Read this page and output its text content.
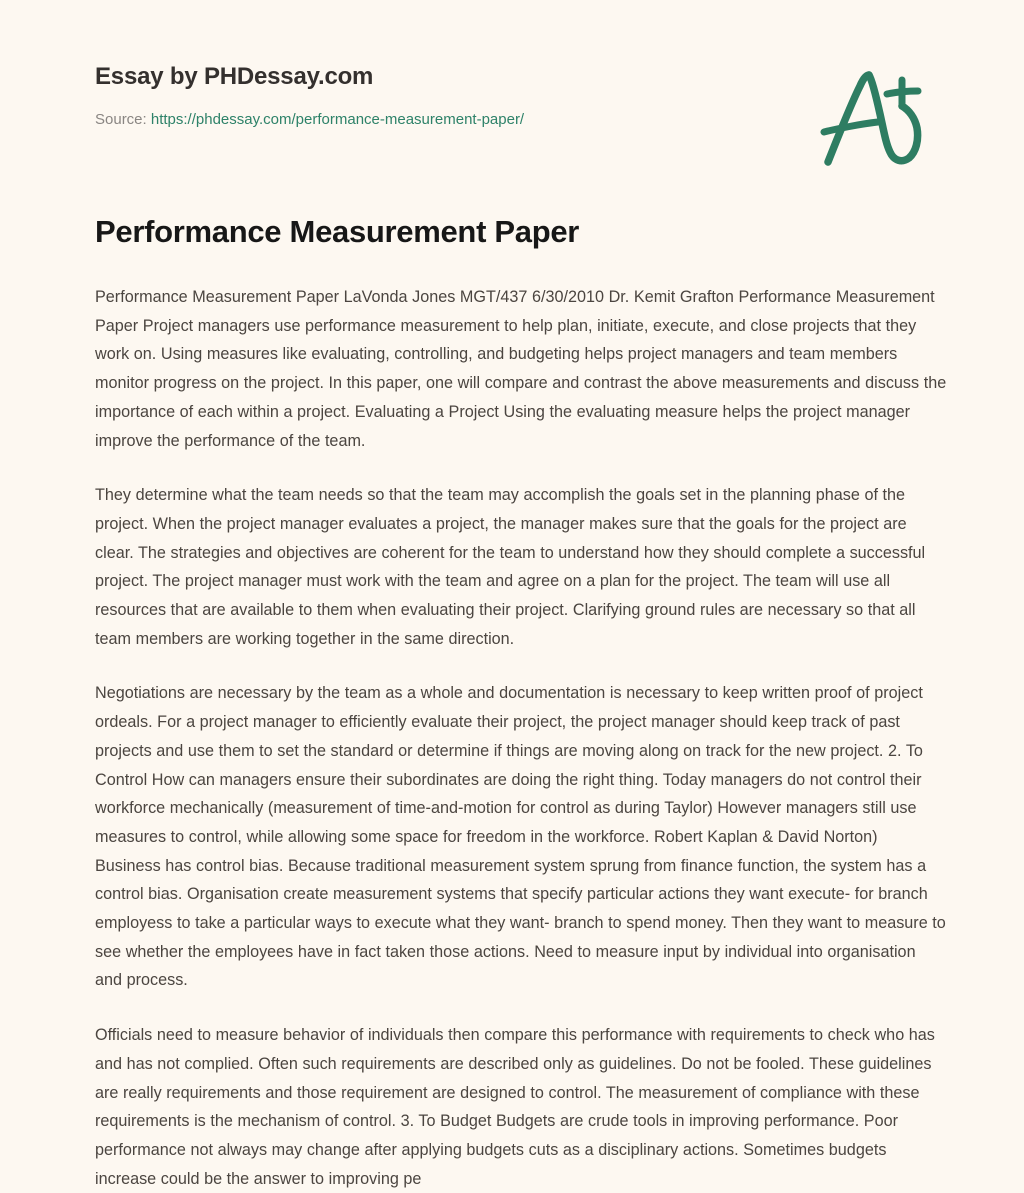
Essay by PHDessay.com
Source: https://phdessay.com/performance-measurement-paper/
Performance Measurement Paper

Performance Measurement Paper LaVonda Jones MGT/437 6/30/2010 Dr. Kemit Grafton Performance Measurement Paper Project managers use performance measurement to help plan, initiate, execute, and close projects that they work on. Using measures like evaluating, controlling, and budgeting helps project managers and team members monitor progress on the project. In this paper, one will compare and contrast the above measurements and discuss the importance of each within a project. Evaluating a Project Using the evaluating measure helps the project manager improve the performance of the team.

They determine what the team needs so that the team may accomplish the goals set in the planning phase of the project. When the project manager evaluates a project, the manager makes sure that the goals for the project are clear. The strategies and objectives are coherent for the team to understand how they should complete a successful project. The project manager must work with the team and agree on a plan for the project. The team will use all resources that are available to them when evaluating their project. Clarifying ground rules are necessary so that all team members are working together in the same direction.

Negotiations are necessary by the team as a whole and documentation is necessary to keep written proof of project ordeals. For a project manager to efficiently evaluate their project, the project manager should keep track of past projects and use them to set the standard or determine if things are moving along on track for the new project. 2. To Control How can managers ensure their subordinates are doing the right thing. Today managers do not control their workforce mechanically (measurement of time-and-motion for control as during Taylor) However managers still use measures to control, while allowing some space for freedom in the workforce. Robert Kaplan & David Norton) Business has control bias. Because traditional measurement system sprung from finance function, the system has a control bias. Organisation create measurement systems that specify particular actions they want execute- for branch employess to take a particular ways to execute what they want- branch to spend money. Then they want to measure to see whether the employees have in fact taken those actions. Need to measure input by individual into organisation and process.

Officials need to measure behavior of individuals then compare this performance with requirements to check who has and has not complied. Often such requirements are described only as guidelines. Do not be fooled. These guidelines are really requirements and those requirement are designed to control. The measurement of compliance with these requirements is the mechanism of control. 3. To Budget Budgets are crude tools in improving performance. Poor performance not always may change after applying budgets cuts as a disciplinary actions. Sometimes budgets increase could be the answer to improving pe
